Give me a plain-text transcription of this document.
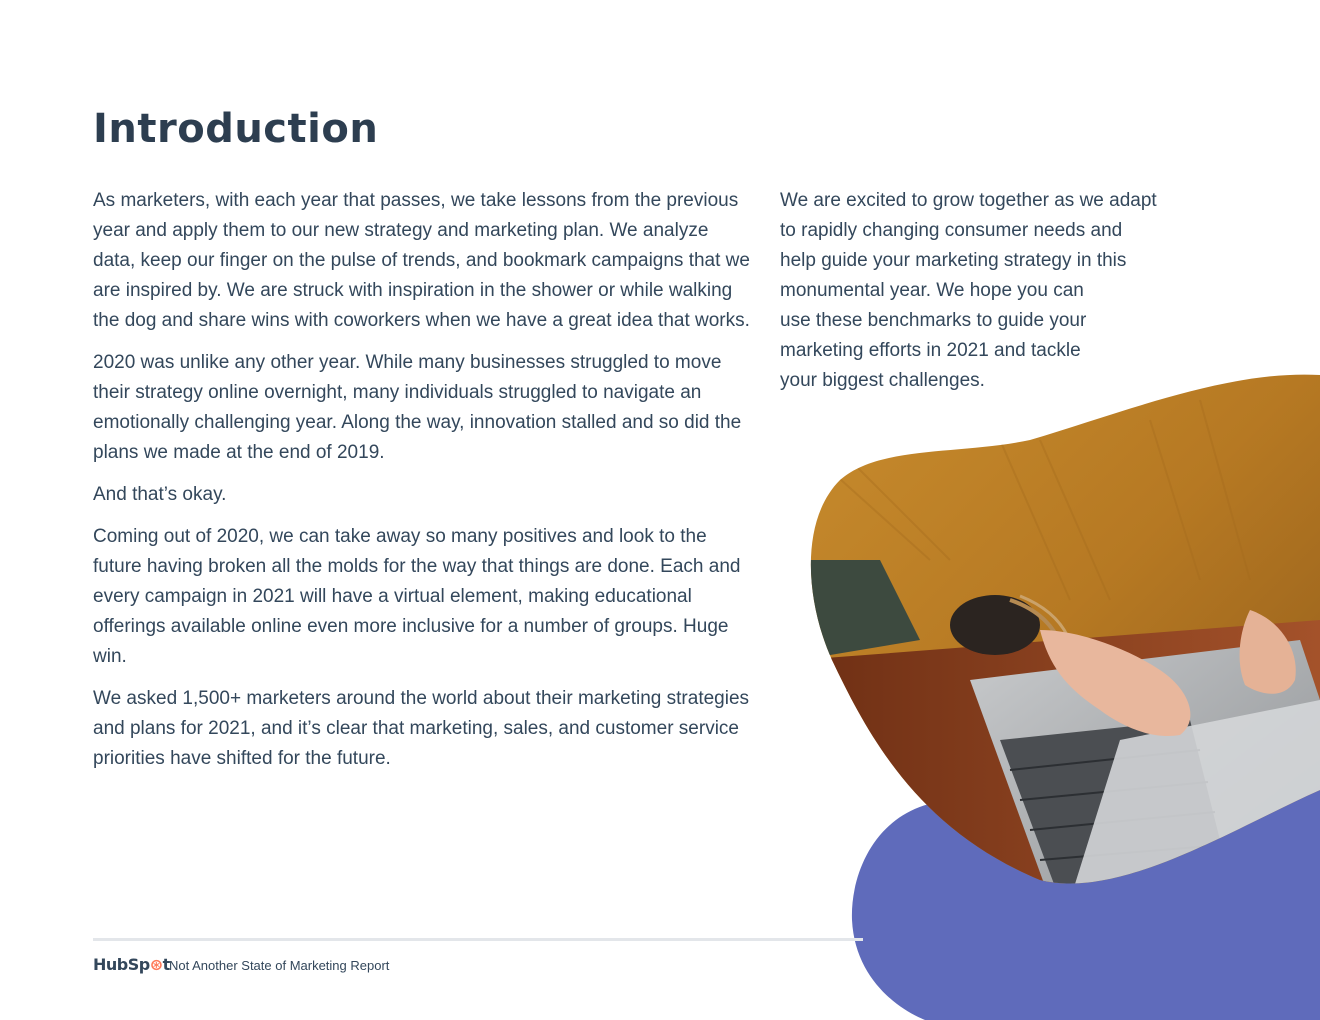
Introduction

As marketers, with each year that passes, we take lessons from the previous year and apply them to our new strategy and marketing plan. We analyze data, keep our finger on the pulse of trends, and bookmark campaigns that we are inspired by. We are struck with inspiration in the shower or while walking the dog and share wins with coworkers when we have a great idea that works.

2020 was unlike any other year. While many businesses struggled to move their strategy online overnight, many individuals struggled to navigate an emotionally challenging year. Along the way, innovation stalled and so did the plans we made at the end of 2019.

And that’s okay.

Coming out of 2020, we can take away so many positives and look to the future having broken all the molds for the way that things are done. Each and every campaign in 2021 will have a virtual element, making educational offerings available online even more inclusive for a number of groups. Huge win.

We asked 1,500+ marketers around the world about their marketing strategies and plans for 2021, and it’s clear that marketing, sales, and customer service priorities have shifted for the future.

We are excited to grow together as we adapt
to rapidly changing consumer needs and
help guide your marketing strategy in this
monumental year. We hope you can
use these benchmarks to guide your
marketing efforts in 2021 and tackle
your biggest challenges.
HubSp⊛t Not Another State of Marketing Report
